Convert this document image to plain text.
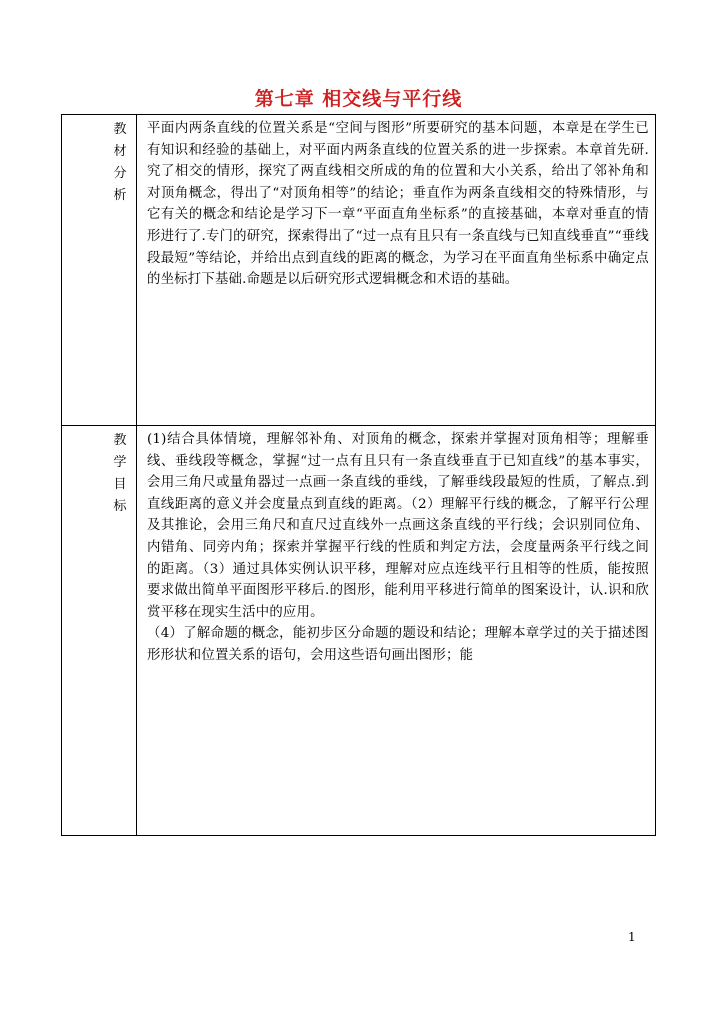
第七章 相交线与平行线
教材分析	平面内两条直线的位置关系是“空间与图形”所要研究的基本问题，本章是在学生已有知识和经验的基础上，对平面内两条直线的位置关系的进一步探索。本章首先研.究了相交的情形，探究了两直线相交所成的角的位置和大小关系，给出了邻补角和对顶角概念，得出了“对顶角相等”的结论；垂直作为两条直线相交的特殊情形，与它有关的概念和结论是学习下一章“平面直角坐标系”的直接基础，本章对垂直的情形进行了.专门的研究，探索得出了“过一点有且只有一条直线与已知直线垂直”“垂线段最短”等结论，并给出点到直线的距离的概念，为学习在平面直角坐标系中确定点的坐标打下基础.命题是以后研究形式逻辑概念和术语的基础。

教学目标	(1)结合具体情境，理解邻补角、对顶角的概念，探索并掌握对顶角相等；理解垂线、垂线段等概念，掌握“过一点有且只有一条直线垂直于已知直线”的基本事实，会用三角尺或量角器过一点画一条直线的垂线，了解垂线段最短的性质，了解点.到直线距离的意义并会度量点到直线的距离。（2）理解平行线的概念，了解平行公理及其推论，会用三角尺和直尺过直线外一点画这条直线的平行线；会识别同位角、内错角、同旁内角；探索并掌握平行线的性质和判定方法，会度量两条平行线之间的距离。（3）通过具体实例认识平移，理解对应点连线平行且相等的性质，能按照要求做出简单平面图形平移后.的图形，能利用平移进行简单的图案设计，认.识和欣赏平移在现实生活中的应用。

（4）了解命题的概念，能初步区分命题的题设和结论；理解本章学过的关于描述图形形状和位置关系的语句，会用这些语句画出图形；能

1
